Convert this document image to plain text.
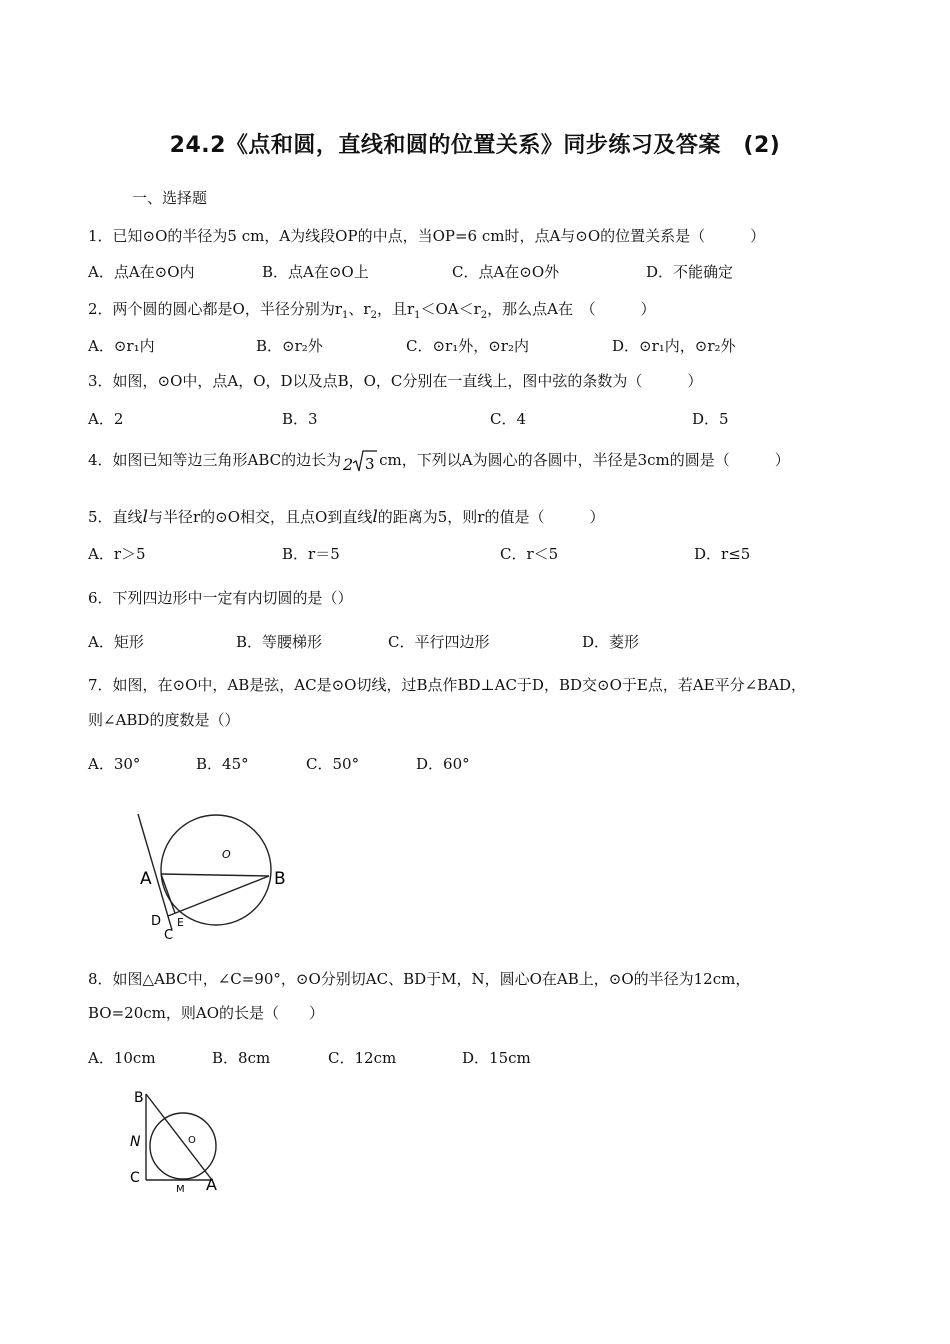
24.2《点和圆，直线和圆的位置关系》同步练习及答案　(2)
一、选择题
1．已知⊙O的半径为5 cm，A为线段OP的中点，当OP=6 cm时，点A与⊙O的位置关系是（　　　）
A．点A在⊙O内	B．点A在⊙O上	C．点A在⊙O外	D．不能确定
2．两个圆的圆心都是O，半径分别为$r_1$、$r_2$，且$r_1<OA<r_2$，那么点A在　（　　　）
A．⊙r₁内	B．⊙r₂外	C．⊙r₁外，⊙r₂内	D．⊙r₁内，⊙r₂外
3．如图，⊙O中，点A，O，D以及点B，O，C分别在一直线上，图中弦的条数为（　　　）
A．2	B．3	C．4	D．5
4．如图已知等边三角形ABC的边长为 2 3 cm，下列以A为圆心的各圆中，半径是3cm的圆是（　　　）
5．直线l与半径r的⊙O相交，且点O到直线l的距离为5，则r的值是（　　　）
A．r＞5	B．r＝5	C．r＜5	D．r≤5
6．下列四边形中一定有内切圆的是（）
A．矩形	B．等腰梯形	C．平行四边形	D．菱形
7．如图，在⊙O中，AB是弦，AC是⊙O切线，过B点作BD⊥AC于D，BD交⊙O于E点，若AE平分∠BAD，
则∠ABD的度数是（）
A．30°	B．45°	C．50°	D．60°
A	B
O
D E
C
8．如图△ABC中，∠C=90°，⊙O分别切AC、BD于M，N，圆心O在AB上，⊙O的半径为12cm，
BO=20cm，则AO的长是（　　）
A．10cm	B．8cm	C．12cm	D．15cm
B
N
C
M A
O
